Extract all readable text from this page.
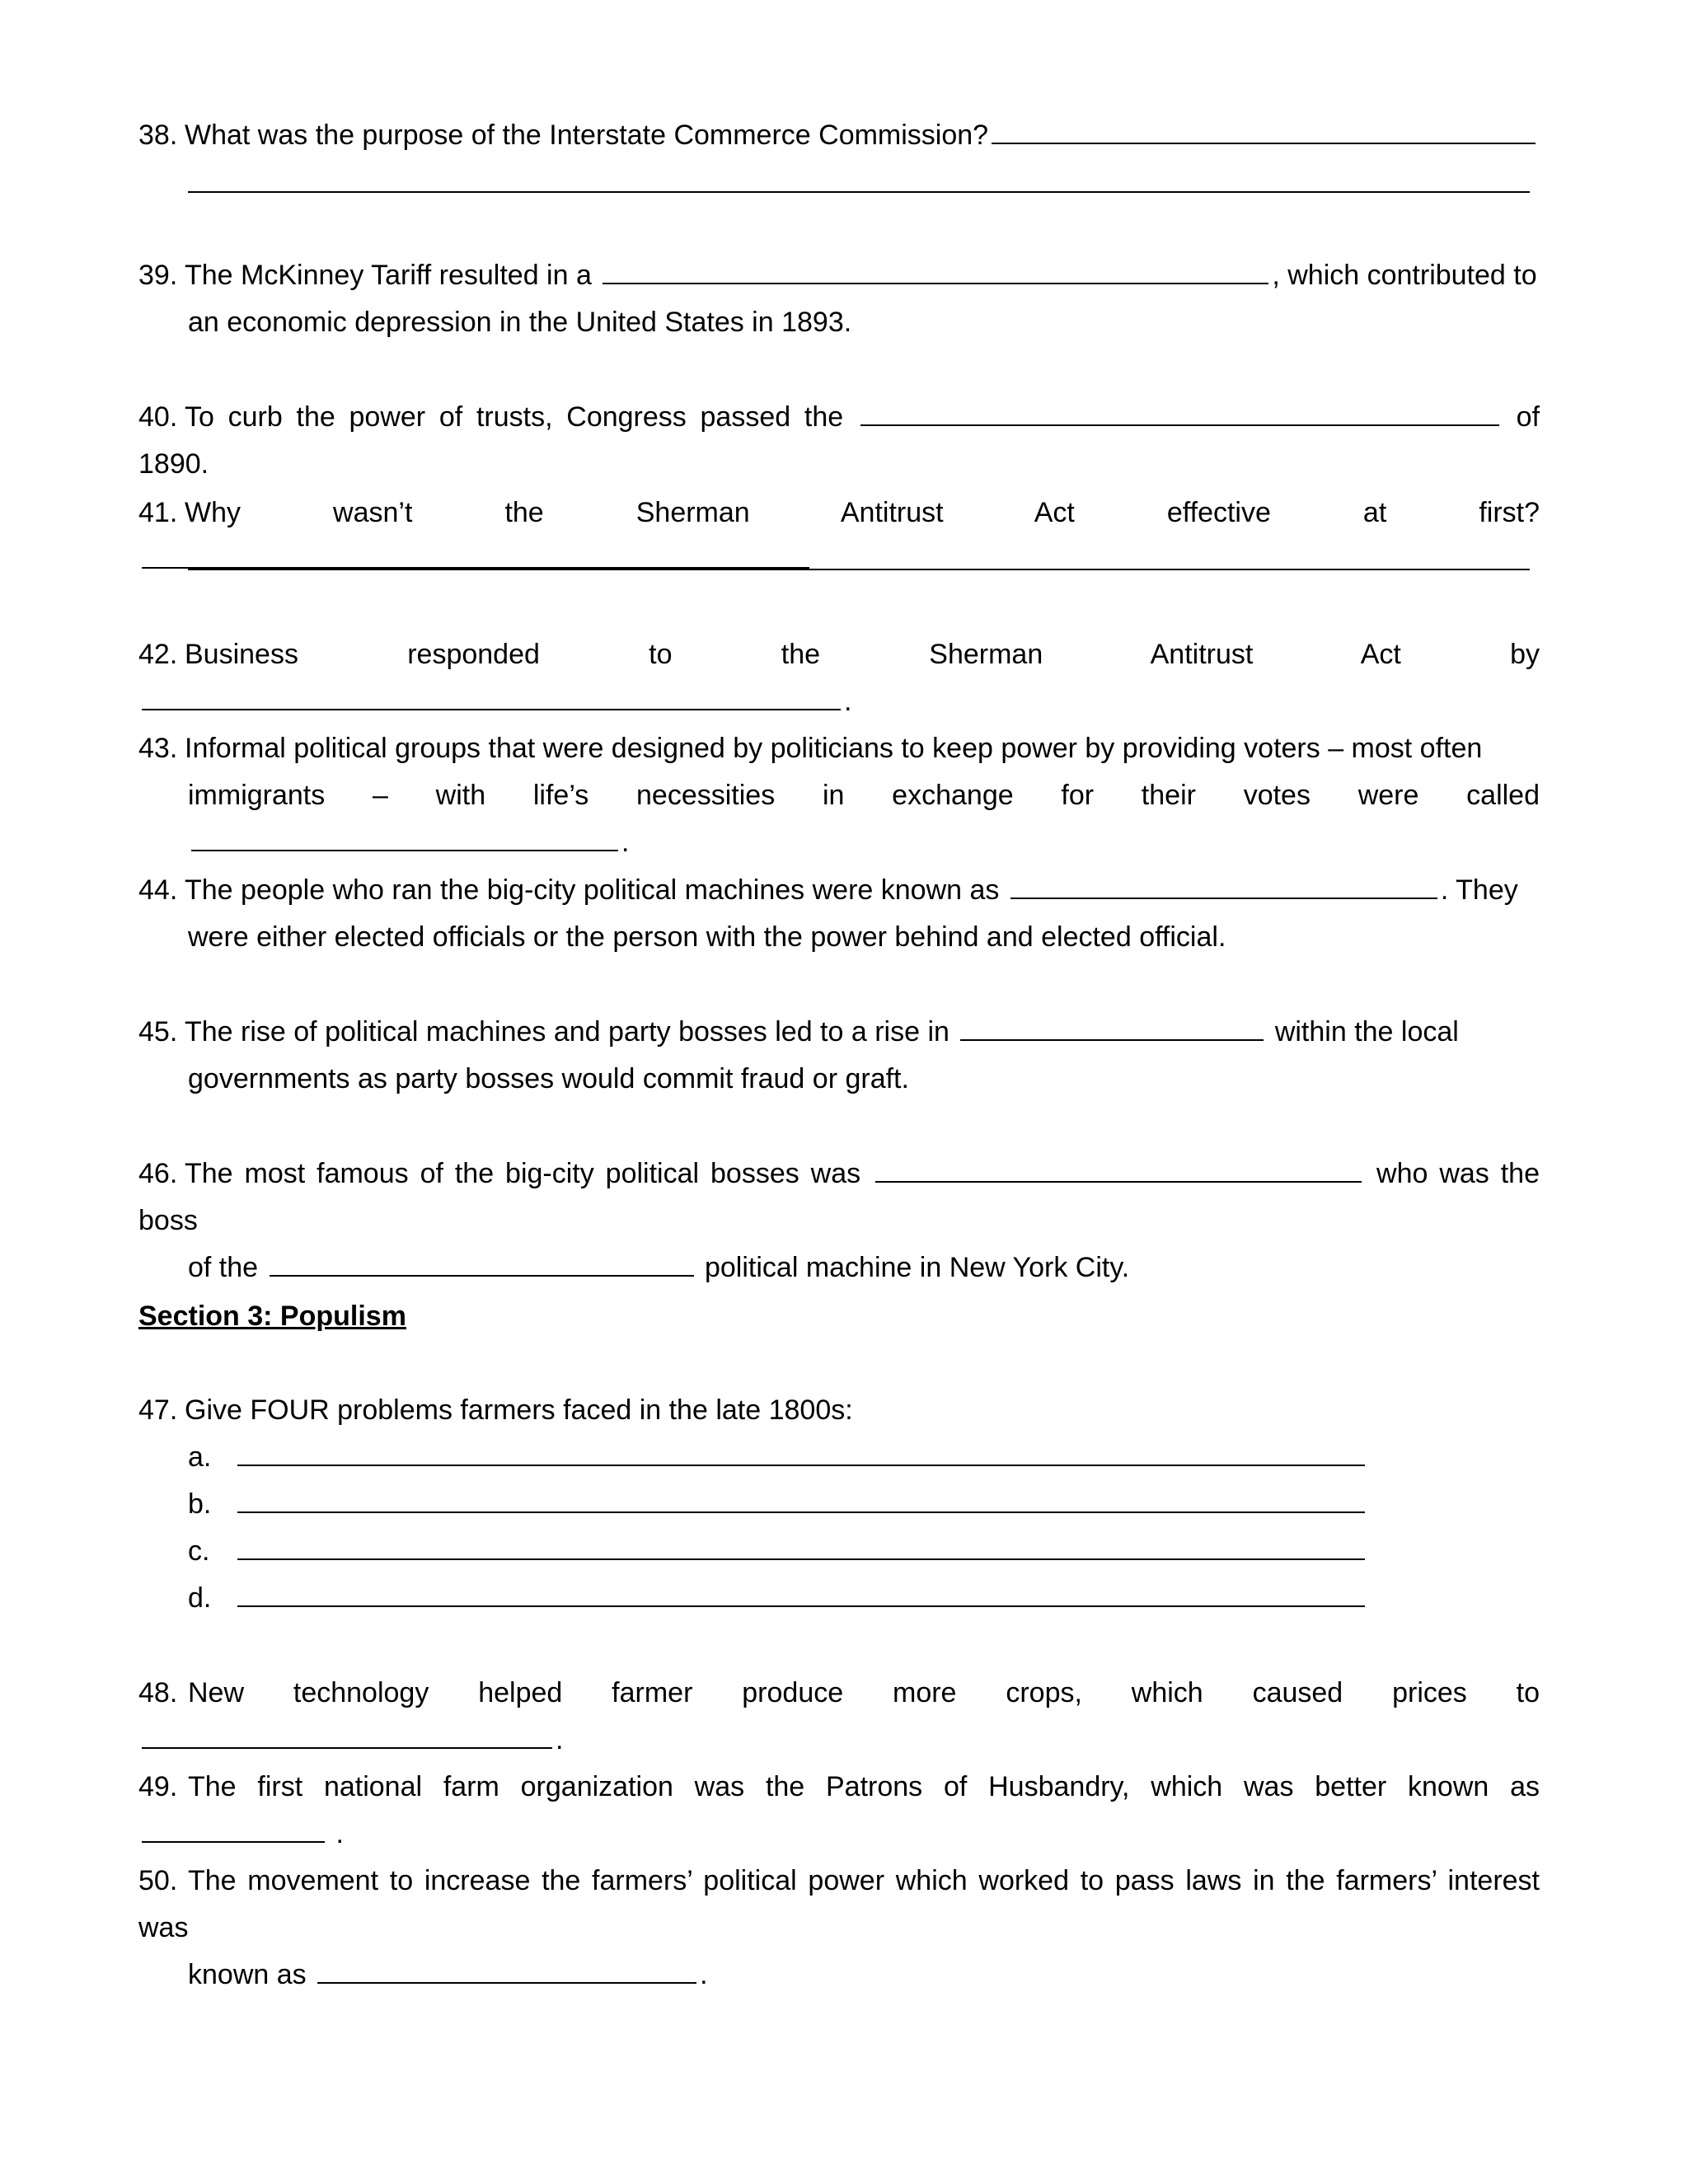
38. What was the purpose of the Interstate Commerce Commission?
39. The McKinney Tariff resulted in a	, which contributed to
an economic depression in the United States in 1893.
40. To curb the power of trusts, Congress passed the	of 1890.
41. Why wasn’t the Sherman Antitrust Act effective at first?
42. Business responded to the Sherman Antitrust Act by .
43. Informal political groups that were designed by politicians to keep power by providing voters – most often
immigrants – with life’s necessities in exchange for their votes were called .
44. The people who ran the big-city political machines were known as	. They
were either elected officials or the person with the power behind and elected official.
45. The rise of political machines and party bosses led to a rise in	within the local
governments as party bosses would commit fraud or graft.
46. The most famous of the big-city political bosses was	who was the boss
of the	political machine in New York City.
Section 3: Populism
47. Give FOUR problems farmers faced in the late 1800s:
a.
b.
c.
d.
48. New technology helped farmer produce more crops, which caused prices to .
49. The first national farm organization was the Patrons of Husbandry, which was better known as  .
50. The movement to increase the farmers’ political power which worked to pass laws in the farmers’ interest was
known as	.
